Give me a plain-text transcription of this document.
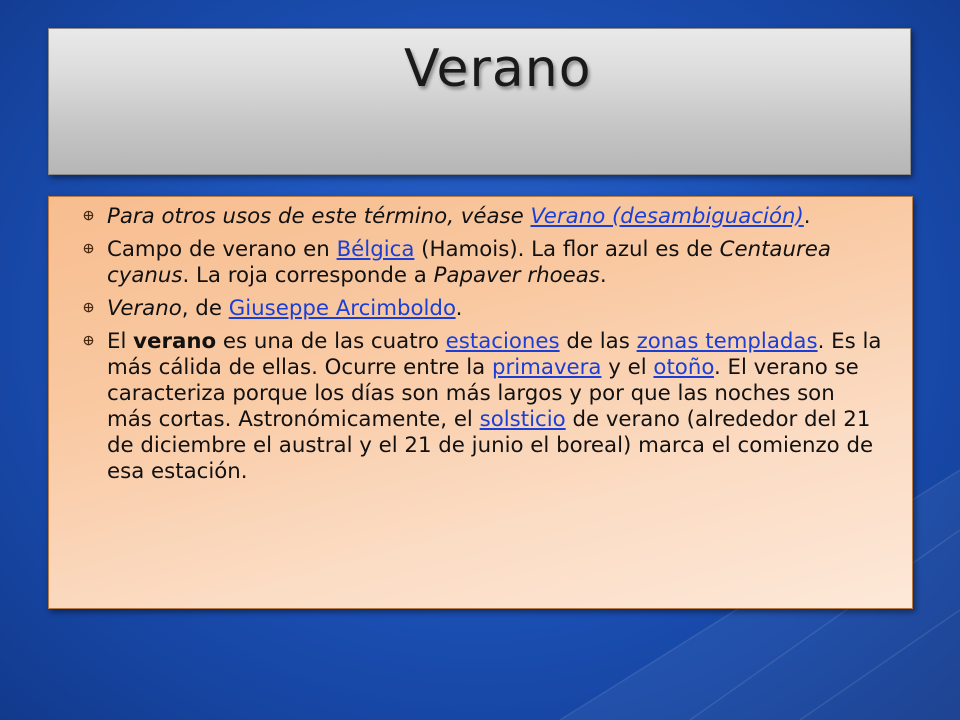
Verano
Para otros usos de este término, véase Verano (desambiguación).
Campo de verano en Bélgica (Hamois). La flor azul es de Centaurea cyanus. La roja corresponde a Papaver rhoeas.
Verano, de Giuseppe Arcimboldo.
El verano es una de las cuatro estaciones de las zonas templadas. Es la más cálida de ellas. Ocurre entre la primavera y el otoño. El verano se caracteriza porque los días son más largos y por que las noches son más cortas. Astronómicamente, el solsticio de verano (alrededor del 21 de diciembre el austral y el 21 de junio el boreal) marca el comienzo de esa estación.
